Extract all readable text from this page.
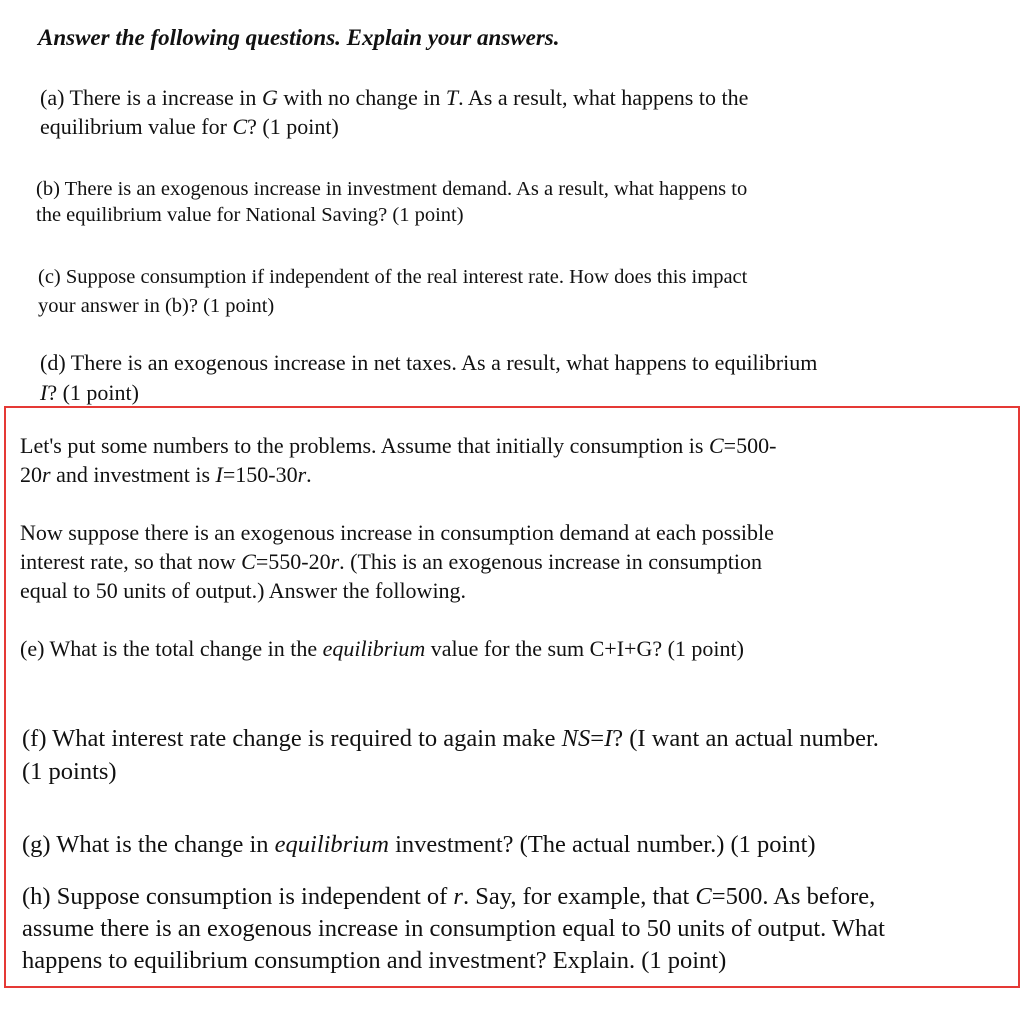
Answer the following questions. Explain your answers.
(a) There is a increase in G with no change in T. As a result, what happens to the
equilibrium value for C? (1 point)
(b) There is an exogenous increase in investment demand. As a result, what happens to
the equilibrium value for National Saving? (1 point)
(c) Suppose consumption if independent of the real interest rate. How does this impact
your answer in (b)? (1 point)
(d) There is an exogenous increase in net taxes. As a result, what happens to equilibrium
I? (1 point)
Let's put some numbers to the problems. Assume that initially consumption is C=500-
20r and investment is I=150-30r.
Now suppose there is an exogenous increase in consumption demand at each possible
interest rate, so that now C=550-20r. (This is an exogenous increase in consumption
equal to 50 units of output.) Answer the following.
(e) What is the total change in the equilibrium value for the sum C+I+G? (1 point)
(f) What interest rate change is required to again make NS=I? (I want an actual number.
(1 points)
(g) What is the change in equilibrium investment? (The actual number.) (1 point)
(h) Suppose consumption is independent of r. Say, for example, that C=500. As before,
assume there is an exogenous increase in consumption equal to 50 units of output. What
happens to equilibrium consumption and investment? Explain. (1 point)
